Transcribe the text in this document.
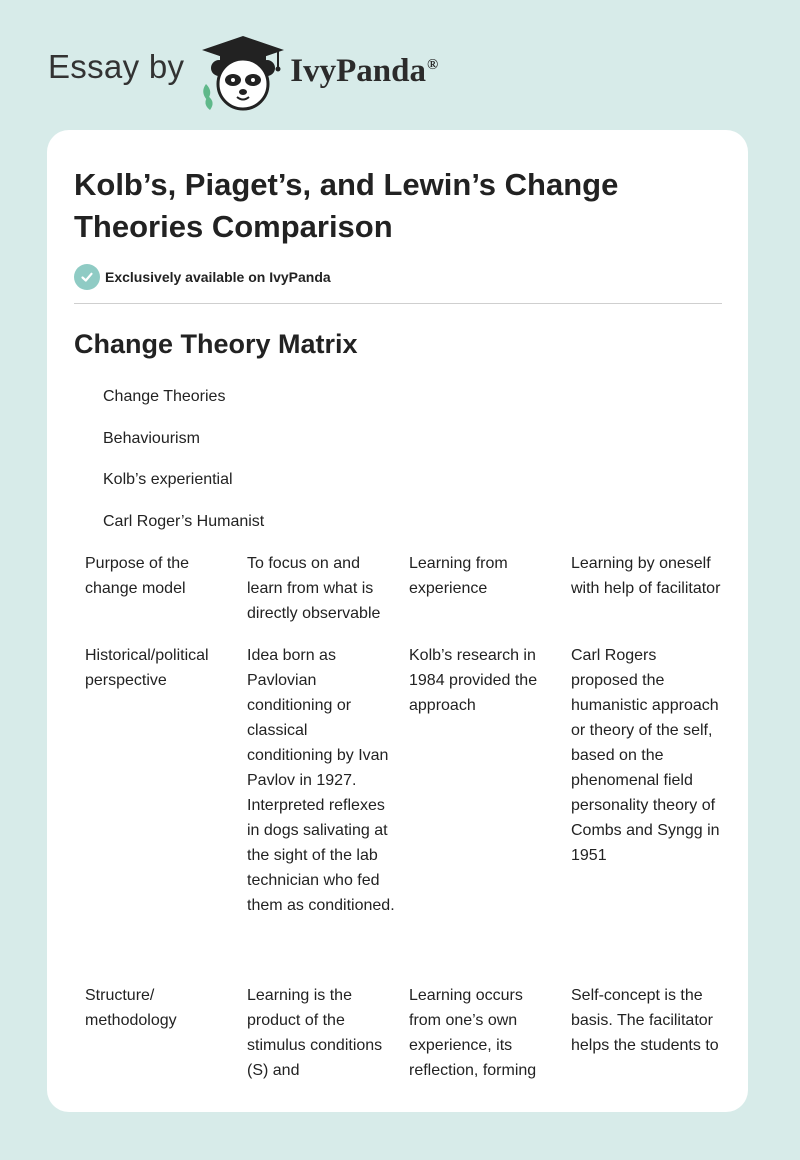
Essay by	IvyPanda®
Kolb’s, Piaget’s, and Lewin’s Change Theories Comparison
Exclusively available on IvyPanda
Change Theory Matrix
Change Theories
Behaviourism
Kolb’s experiential
Carl Roger’s Humanist
Purpose of the change model
To focus on and learn from what is directly observable
Learning from experience
Learning by oneself with help of facilitator
Historical/political perspective
Idea born as Pavlovian conditioning or classical conditioning by Ivan Pavlov in 1927. Interpreted reflexes in dogs salivating at the sight of the lab technician who fed them as conditioned.
Kolb’s research in 1984 provided the approach
Carl Rogers proposed the humanistic approach or theory of the self, based on the phenomenal field personality theory of Combs and Syngg in 1951
Structure/ methodology
Learning is the product of the stimulus conditions (S) and
Learning occurs from one’s own experience, its reflection, forming
Self-concept is the basis. The facilitator helps the students to
